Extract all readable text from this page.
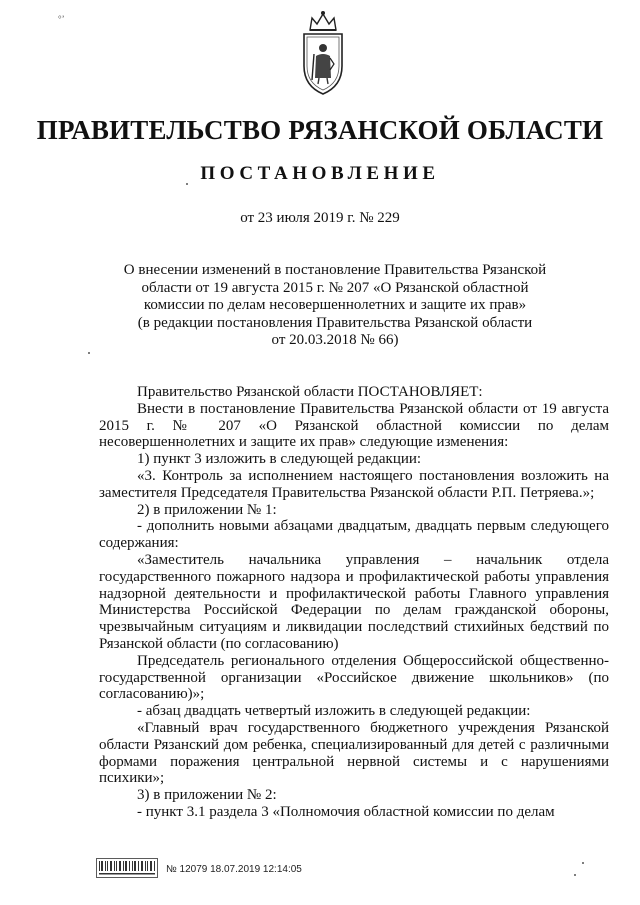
°’
ПРАВИТЕЛЬСТВО РЯЗАНСКОЙ ОБЛАСТИ
ПОСТАНОВЛЕНИЕ
от 23 июля 2019 г. № 229
О внесении изменений в постановление Правительства Рязанской
области от 19 августа 2015 г. № 207 «О Рязанской областной
комиссии по делам несовершеннолетних и защите их прав»
(в редакции постановления Правительства Рязанской области
от 20.03.2018 № 66)

Правительство Рязанской области ПОСТАНОВЛЯЕТ:

Внести в постановление Правительства Рязанской области от 19 августа 2015 г. № 207 «О Рязанской областной комиссии по делам несовершеннолетних и защите их прав» следующие изменения:

1) пункт 3 изложить в следующей редакции:

«3. Контроль за исполнением настоящего постановления возложить на заместителя Председателя Правительства Рязанской области Р.П. Петряева.»;

2) в приложении № 1:

- дополнить новыми абзацами двадцатым, двадцать первым следующего содержания:

«Заместитель начальника управления – начальник отдела государственного пожарного надзора и профилактической работы управления надзорной деятельности и профилактической работы Главного управления Министерства Российской Федерации по делам гражданской обороны, чрезвычайным ситуациям и ликвидации последствий стихийных бедствий по Рязанской области (по согласованию)

Председатель регионального отделения Общероссийской общественно-государственной организации «Российское движение школьников» (по согласованию)»;

- абзац двадцать четвертый изложить в следующей редакции:

«Главный врач государственного бюджетного учреждения Рязанской области Рязанский дом ребенка, специализированный для детей с различными формами поражения центральной нервной системы и с нарушениями психики»;

3) в приложении № 2:

- пункт 3.1 раздела 3 «Полномочия областной комиссии по делам

№ 12079 18.07.2019 12:14:05
